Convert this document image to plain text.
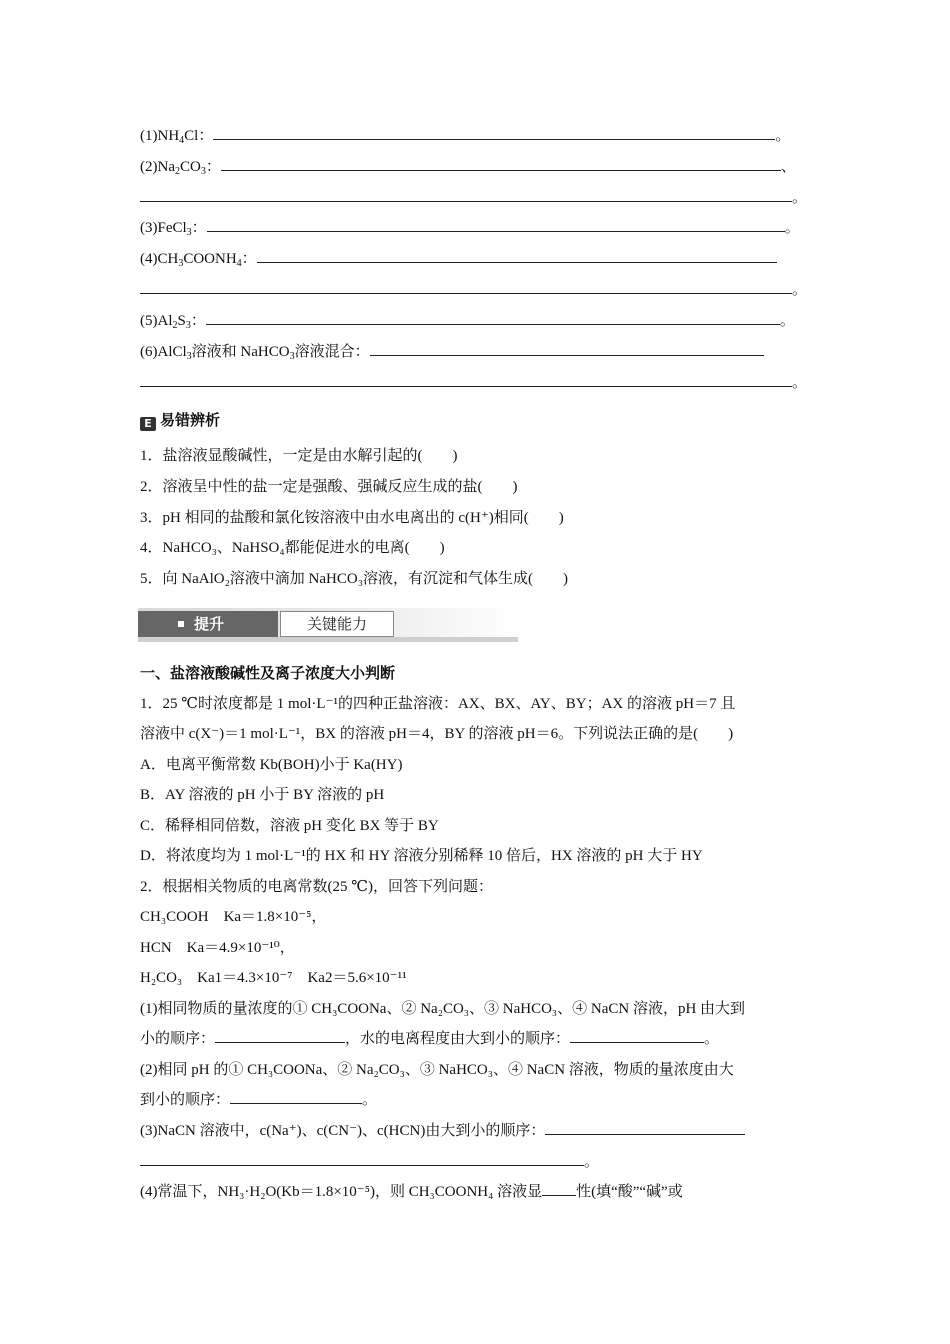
$(1)NH_4Cl$：	。
$(2)Na_2CO_3$：	、
。
(3)FeCl$_3$：	。
$(4)CH_3COONH_4$：
。
$(5)Al_2S_3$：	。
(6)AlCl$_3$溶液和 NaHCO$_3$溶液混合：
。
E 易错辨析
1．盐溶液显酸碱性，一定是由水解引起的(　　)
2．溶液呈中性的盐一定是强酸、强碱反应生成的盐(　　)
3．pH 相同的盐酸和氯化铵溶液中由水电离出的 c(H⁺)相同(　　)
4．NaHCO₃、NaHSO₄都能促进水的电离(　　)
5．向 NaAlO₂溶液中滴加 NaHCO₃溶液，有沉淀和气体生成(　　)
提升	关键能力
一、盐溶液酸碱性及离子浓度大小判断
1．25 ℃时浓度都是 1 mol·L⁻¹的四种正盐溶液：AX、BX、AY、BY；AX 的溶液 pH＝7 且
溶液中 c(X⁻)＝1 mol·L⁻¹，BX 的溶液 pH＝4，BY 的溶液 pH＝6。下列说法正确的是(　　)
A．电离平衡常数 Kb(BOH)小于 Ka(HY)
B．AY 溶液的 pH 小于 BY 溶液的 pH
C．稀释相同倍数，溶液 pH 变化 BX 等于 BY
D．将浓度均为 1 mol·L⁻¹的 HX 和 HY 溶液分别稀释 10 倍后，HX 溶液的 pH 大于 HY
2．根据相关物质的电离常数(25 ℃)，回答下列问题：
CH₃COOH　Ka＝1.8×10⁻⁵，
HCN　Ka＝4.9×10⁻¹⁰，
H₂CO₃　Ka1＝4.3×10⁻⁷　Ka2＝5.6×10⁻¹¹
(1)相同物质的量浓度的① CH₃COONa、② Na₂CO₃、③ NaHCO₃、④ NaCN 溶液，pH 由大到
小的顺序：	，水的电离程度由大到小的顺序：	。
(2)相同 pH 的① CH₃COONa、② Na₂CO₃、③ NaHCO₃、④ NaCN 溶液，物质的量浓度由大
到小的顺序：	。
(3)NaCN 溶液中，c(Na⁺)、c(CN⁻)、c(HCN)由大到小的顺序：
。
(4)常温下，NH₃·H₂O(Kb＝1.8×10⁻⁵)，则 CH₃COONH₄ 溶液显 性(填“酸”“碱”或
